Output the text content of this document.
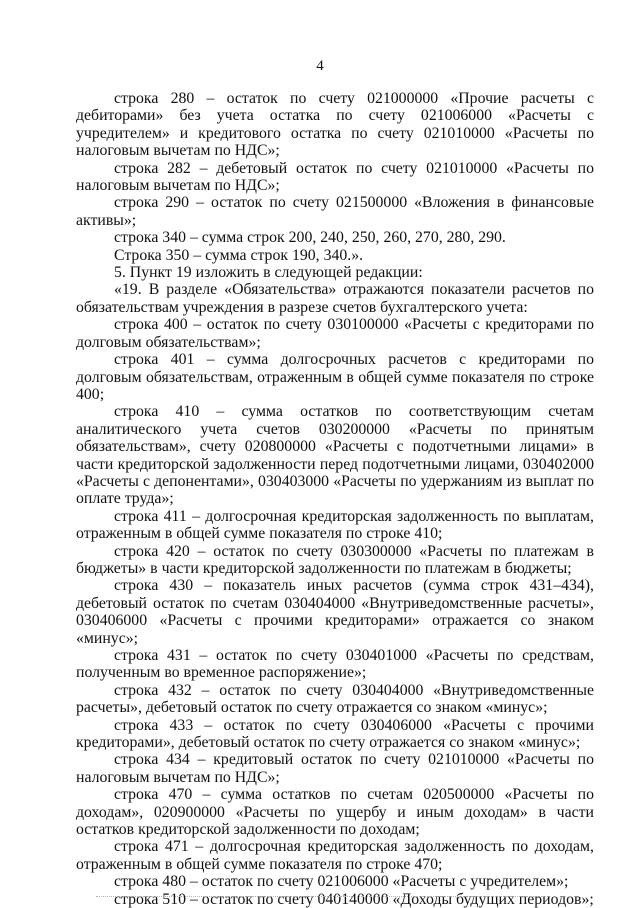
4

строка 280 – остаток по счету 021000000 «Прочие расчеты с дебиторами» без учета остатка по счету 021006000 «Расчеты с учредителем» и кредитового остатка по счету 021010000 «Расчеты по налоговым вычетам по НДС»;

строка 282 – дебетовый остаток по счету 021010000 «Расчеты по налоговым вычетам по НДС»;

строка 290 – остаток по счету 021500000 «Вложения в финансовые активы»;

строка 340 – сумма строк 200, 240, 250, 260, 270, 280, 290.

Строка 350 – сумма строк 190, 340.».

5. Пункт 19 изложить в следующей редакции:

«19. В разделе «Обязательства» отражаются показатели расчетов по обязательствам учреждения в разрезе счетов бухгалтерского учета:

строка 400 – остаток по счету 030100000 «Расчеты с кредиторами по долговым обязательствам»;

строка 401 – сумма долгосрочных расчетов с кредиторами по долговым обязательствам, отраженным в общей сумме показателя по строке 400;

строка 410 – сумма остатков по соответствующим счетам аналитического учета счетов 030200000 «Расчеты по принятым обязательствам», счету 020800000 «Расчеты с подотчетными лицами» в части кредиторской задолженности перед подотчетными лицами, 030402000 «Расчеты с депонентами», 030403000 «Расчеты по удержаниям из выплат по оплате труда»;

строка 411 – долгосрочная кредиторская задолженность по выплатам, отраженным в общей сумме показателя по строке 410;

строка 420 – остаток по счету 030300000 «Расчеты по платежам в бюджеты» в части кредиторской задолженности по платежам в бюджеты;

строка 430 – показатель иных расчетов (сумма строк 431–434), дебетовый остаток по счетам 030404000 «Внутриведомственные расчеты», 030406000 «Расчеты с прочими кредиторами» отражается со знаком «минус»;

строка 431 – остаток по счету 030401000 «Расчеты по средствам, полученным во временное распоряжение»;

строка 432 – остаток по счету 030404000 «Внутриведомственные расчеты», дебетовый остаток по счету отражается со знаком «минус»;

строка 433 – остаток по счету 030406000 «Расчеты с прочими кредиторами», дебетовый остаток по счету отражается со знаком «минус»;

строка 434 – кредитовый остаток по счету 021010000 «Расчеты по налоговым вычетам по НДС»;

строка 470 – сумма остатков по счетам 020500000 «Расчеты по доходам», 020900000 «Расчеты по ущербу и иным доходам» в части остатков кредиторской задолженности по доходам;

строка 471 – долгосрочная кредиторская задолженность по доходам, отраженным в общей сумме показателя по строке 470;

строка 480 – остаток по счету 021006000 «Расчеты с учредителем»;

строка 510 – остаток по счету 040140000 «Доходы будущих периодов»;
